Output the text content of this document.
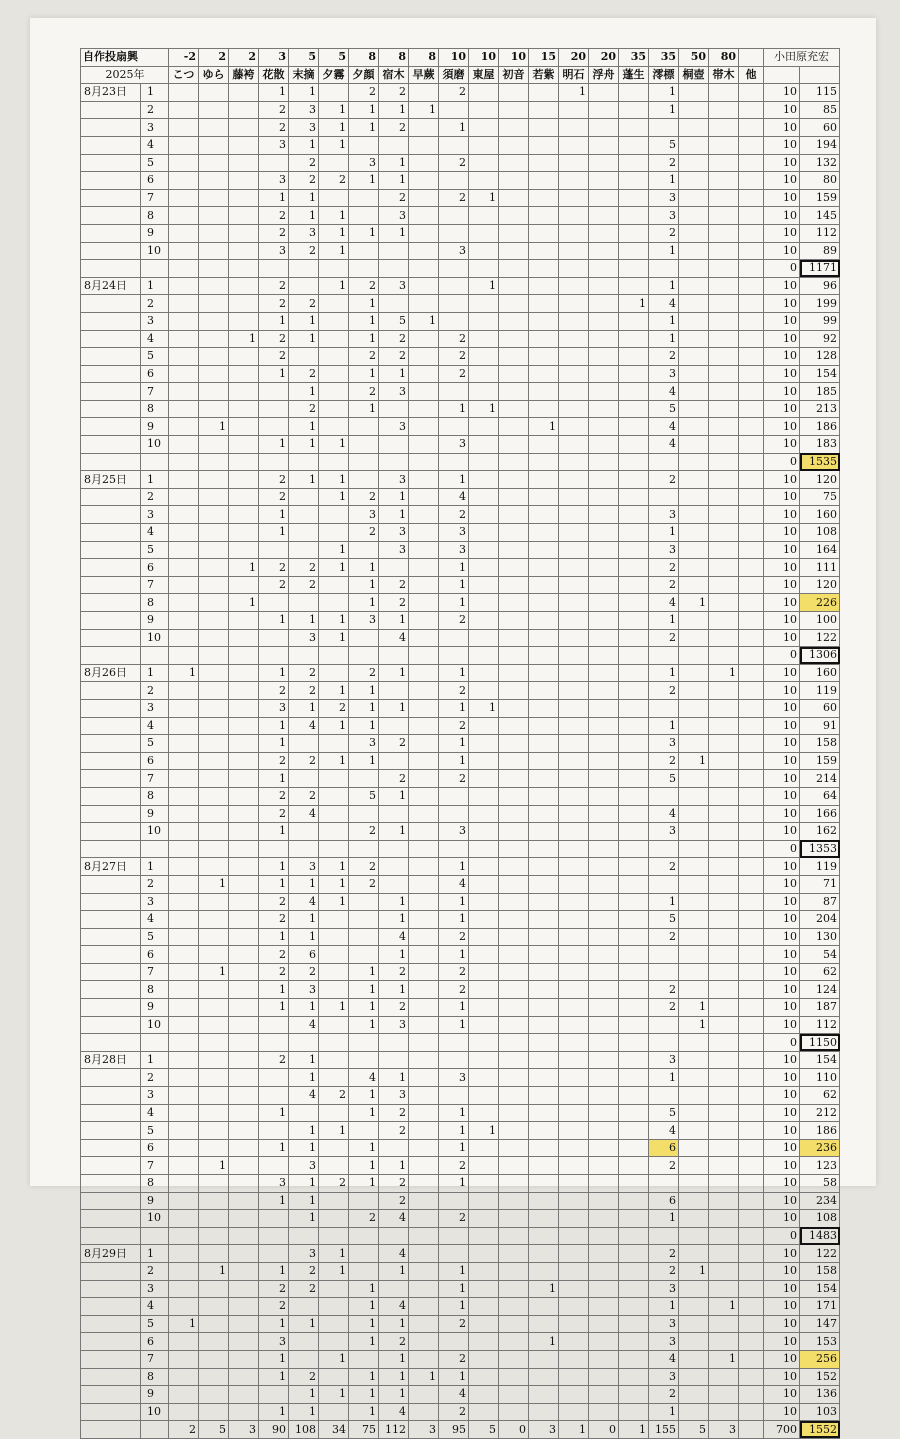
自作投扇興		-2	2	2	3	5	5	8	8	8	10	10	10	15	20	20	35	35	50	80		小田原充宏	
2025年		こつ	ゆら	藤袴	花散	末摘	夕霧	夕顔	宿木	早蕨	須磨	東屋	初音	若紫	明石	浮舟	蓬生	澪標	桐壺	帯木	他		
8月23日	1				1	1		2	2		2				1			1				10	115
	2				2	3	1	1	1	1								1				10	85
	3				2	3	1	1	2		1											10	60
	4				3	1	1											5				10	194
	5					2		3	1		2							2				10	132
	6				3	2	2	1	1									1				10	80
	7				1	1			2		2	1						3				10	159
	8				2	1	1		3									3				10	145
	9				2	3	1	1	1									2				10	112
	10				3	2	1				3							1				10	89
																						0	1171
8月24日	1				2		1	2	3			1						1				10	96
	2				2	2		1									1	4				10	199
	3				1	1		1	5	1								1				10	99
	4			1	2	1		1	2		2							1				10	92
	5				2			2	2		2							2				10	128
	6				1	2		1	1		2							3				10	154
	7					1		2	3									4				10	185
	8					2		1			1	1						5				10	213
	9		1			1			3					1				4				10	186
	10				1	1	1				3							4				10	183
																						0	1535
8月25日	1				2	1	1		3		1							2				10	120
	2				2		1	2	1		4											10	75
	3				1			3	1		2							3				10	160
	4				1			2	3		3							1				10	108
	5						1		3		3							3				10	164
	6			1	2	2	1	1			1							2				10	111
	7				2	2		1	2		1							2				10	120
	8			1				1	2		1							4	1			10	226
	9				1	1	1	3	1		2							1				10	100
	10					3	1		4									2				10	122
																						0	1306
8月26日	1	1			1	2		2	1		1							1		1		10	160
	2				2	2	1	1			2							2				10	119
	3				3	1	2	1	1		1	1										10	60
	4				1	4	1	1			2							1				10	91
	5				1			3	2		1							3				10	158
	6				2	2	1	1			1							2	1			10	159
	7				1				2		2							5				10	214
	8				2	2		5	1													10	64
	9				2	4												4				10	166
	10				1			2	1		3							3				10	162
																						0	1353
8月27日	1				1	3	1	2			1							2				10	119
	2		1		1	1	1	2			4											10	71
	3				2	4	1		1		1							1				10	87
	4				2	1			1		1							5				10	204
	5				1	1			4		2							2				10	130
	6				2	6			1		1											10	54
	7		1		2	2		1	2		2											10	62
	8				1	3		1	1		2							2				10	124
	9				1	1	1	1	2		1							2	1			10	187
	10					4		1	3		1								1			10	112
																						0	1150
8月28日	1				2	1												3				10	154
	2					1		4	1		3							1				10	110
	3					4	2	1	3													10	62
	4				1			1	2		1							5				10	212
	5					1	1		2		1	1						4				10	186
	6				1	1		1			1							6				10	236
	7		1			3		1	1		2							2				10	123
	8				3	1	2	1	2		1											10	58
	9				1	1			2									6				10	234
	10					1		2	4		2							1				10	108
																						0	1483
8月29日	1					3	1		4									2				10	122
	2		1		1	2	1		1		1							2	1			10	158
	3				2	2		1			1			1				3				10	154
	4				2			1	4		1							1		1		10	171
	5	1			1	1		1	1		2							3				10	147
	6				3			1	2					1				3				10	153
	7				1		1		1		2							4		1		10	256
	8				1	2		1	1	1	1							3				10	152
	9					1	1	1	1		4							2				10	136
	10				1	1		1	4		2							1				10	103
		2	5	3	90	108	34	75	112	3	95	5	0	3	1	0	1	155	5	3		700	1552
